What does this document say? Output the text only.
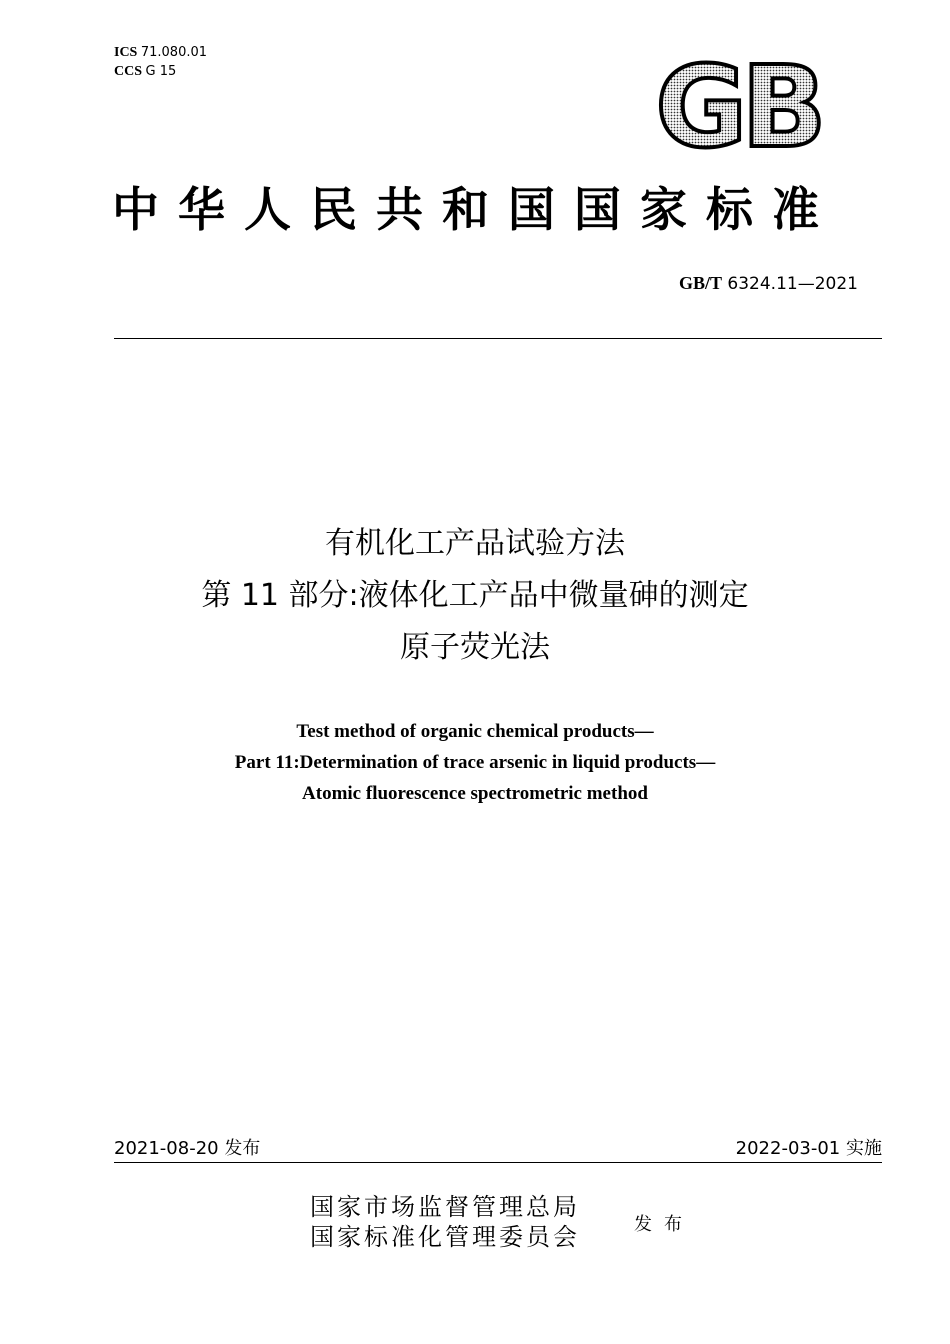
ICS 71.080.01
CCS G 15	GB
中华人民共和国国家标准
GB/T 6324.11—2021
有机化工产品试验方法
第 11 部分:液体化工产品中微量砷的测定
原子荧光法
Test method of organic chemical products—
Part 11:Determination of trace arsenic in liquid products—
Atomic fluorescence spectrometric method
2021-08-20 发布	2022-03-01 实施
国家市场监督管理总局
国家标准化管理委员会	发布
